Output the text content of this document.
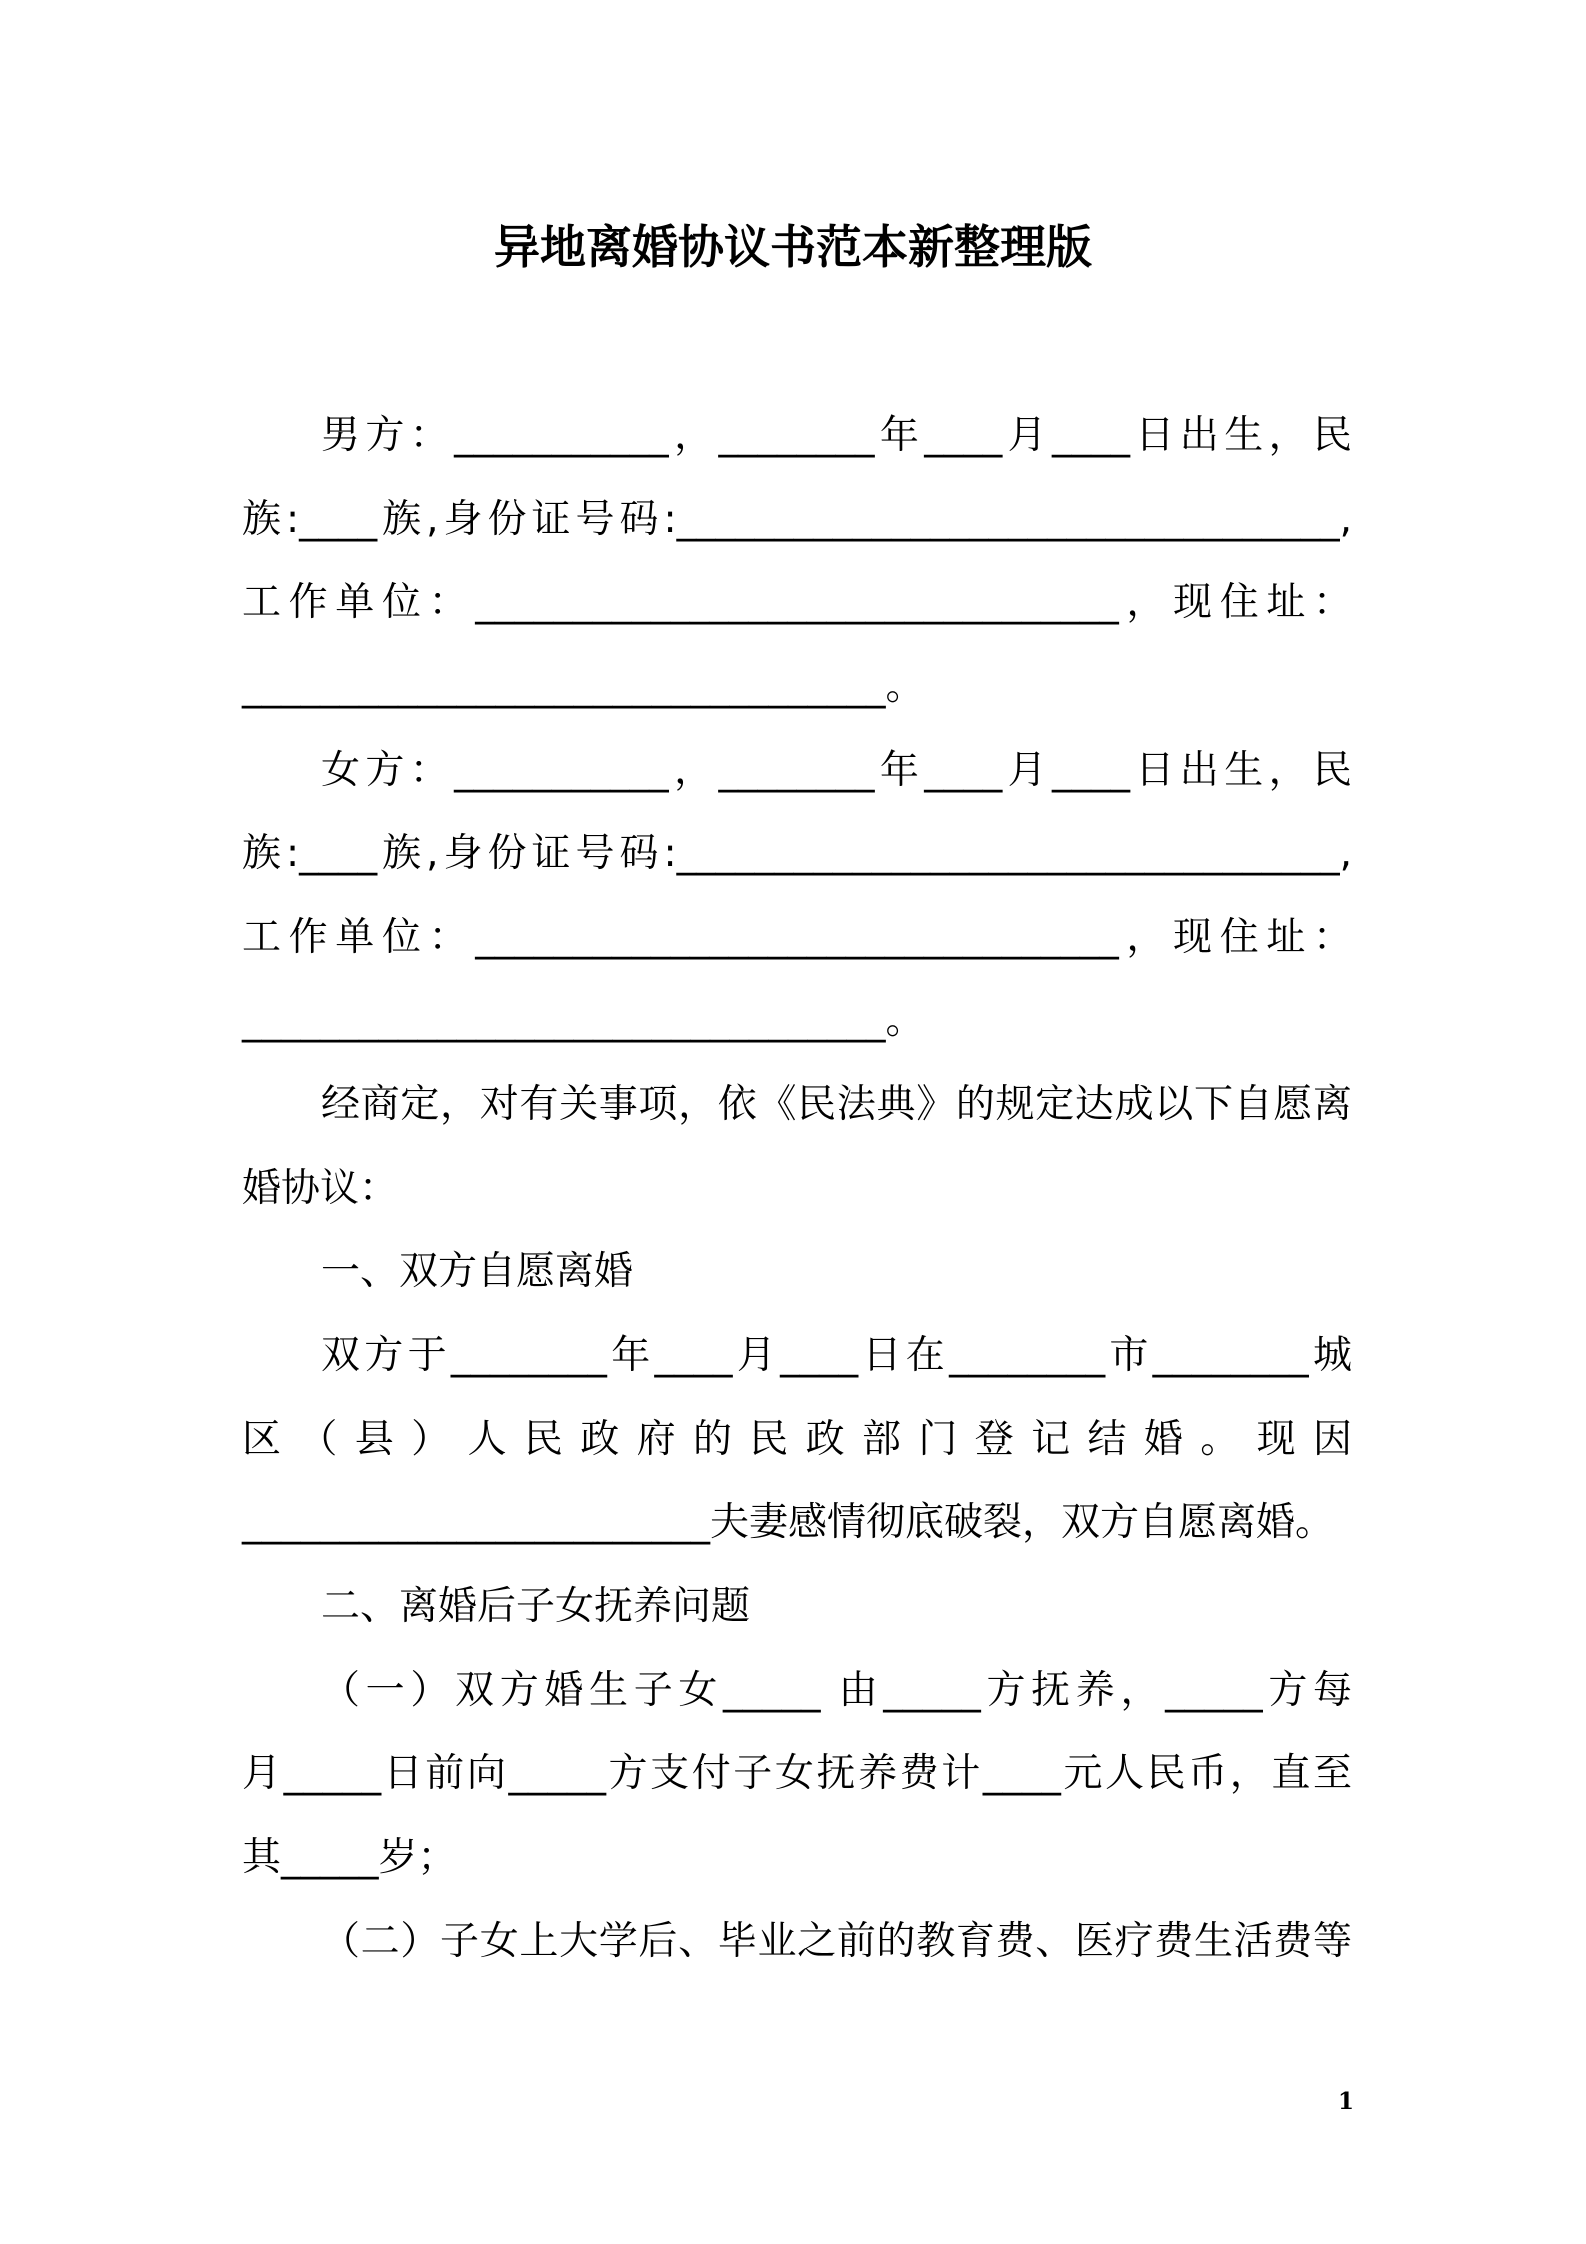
异地离婚协议书范本新整理版
男方：___________，________年____月____日出生，民
族:____族,身份证号码:__________________________________,
工作单位：_________________________________，现住址：
_________________________________。
女方：___________，________年____月____日出生，民
族:____族,身份证号码:__________________________________,
工作单位：_________________________________，现住址：
_________________________________。
经商定，对有关事项，依《民法典》的规定达成以下自愿离
婚协议：
一、双方自愿离婚
双方于________年____月____日在________市________城
区（县）人民政府的民政部门登记结婚。现因
________________________夫妻感情彻底破裂，双方自愿离婚。
二、离婚后子女抚养问题
（一）双方婚生子女_____ 由_____方抚养，_____方每
月_____日前向_____方支付子女抚养费计____元人民币，直至
其_____岁；
（二）子女上大学后、毕业之前的教育费、医疗费生活费等
1
